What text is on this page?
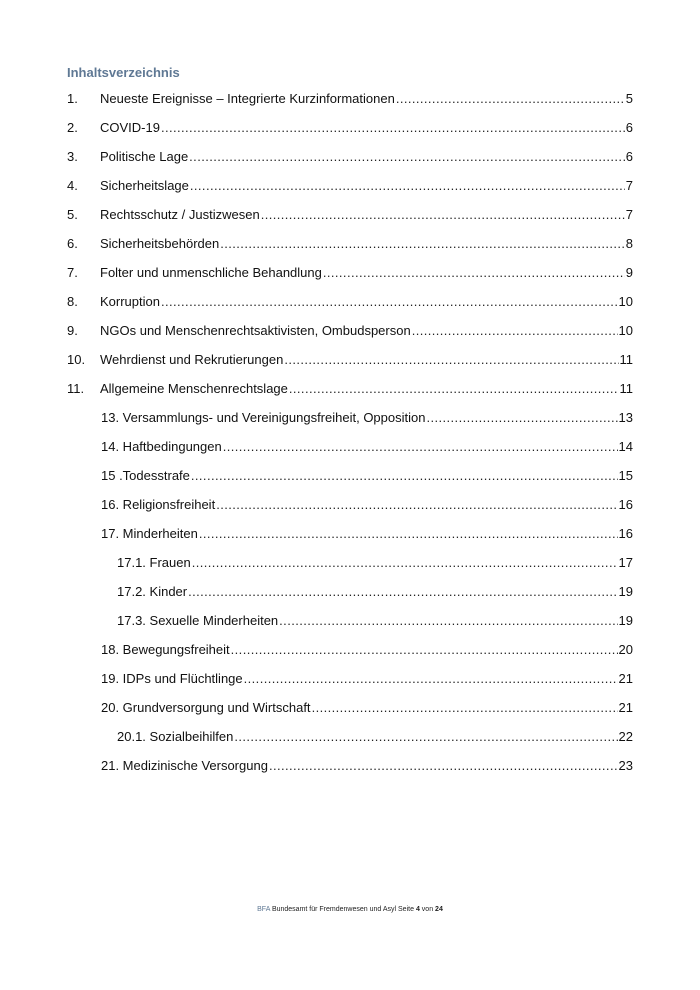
Inhaltsverzeichnis
1.	Neueste Ereignisse – Integrierte Kurzinformationen .....	5
2.	COVID-19 .....	6
3.	Politische Lage .....	6
4.	Sicherheitslage .....	7
5.	Rechtsschutz / Justizwesen .....	7
6.	Sicherheitsbehörden .....	8
7.	Folter und unmenschliche Behandlung .....	9
8.	Korruption .....	10
9.	NGOs und Menschenrechtsaktivisten, Ombudsperson .....	10
10.	Wehrdienst und Rekrutierungen .....	11
11.	Allgemeine Menschenrechtslage .....	11
13. Versammlungs- und Vereinigungsfreiheit, Opposition .....	13
14. Haftbedingungen .....	14
15 .Todesstrafe .....	15
16. Religionsfreiheit .....	16
17. Minderheiten .....	16
17.1. Frauen .....	17
17.2. Kinder .....	19
17.3. Sexuelle Minderheiten .....	19
18. Bewegungsfreiheit .....	20
19. IDPs und Flüchtlinge .....	21
20. Grundversorgung und Wirtschaft .....	21
20.1. Sozialbeihilfen .....	22
21. Medizinische Versorgung .....	23
BFA Bundesamt für Fremdenwesen und Asyl Seite 4 von 24
